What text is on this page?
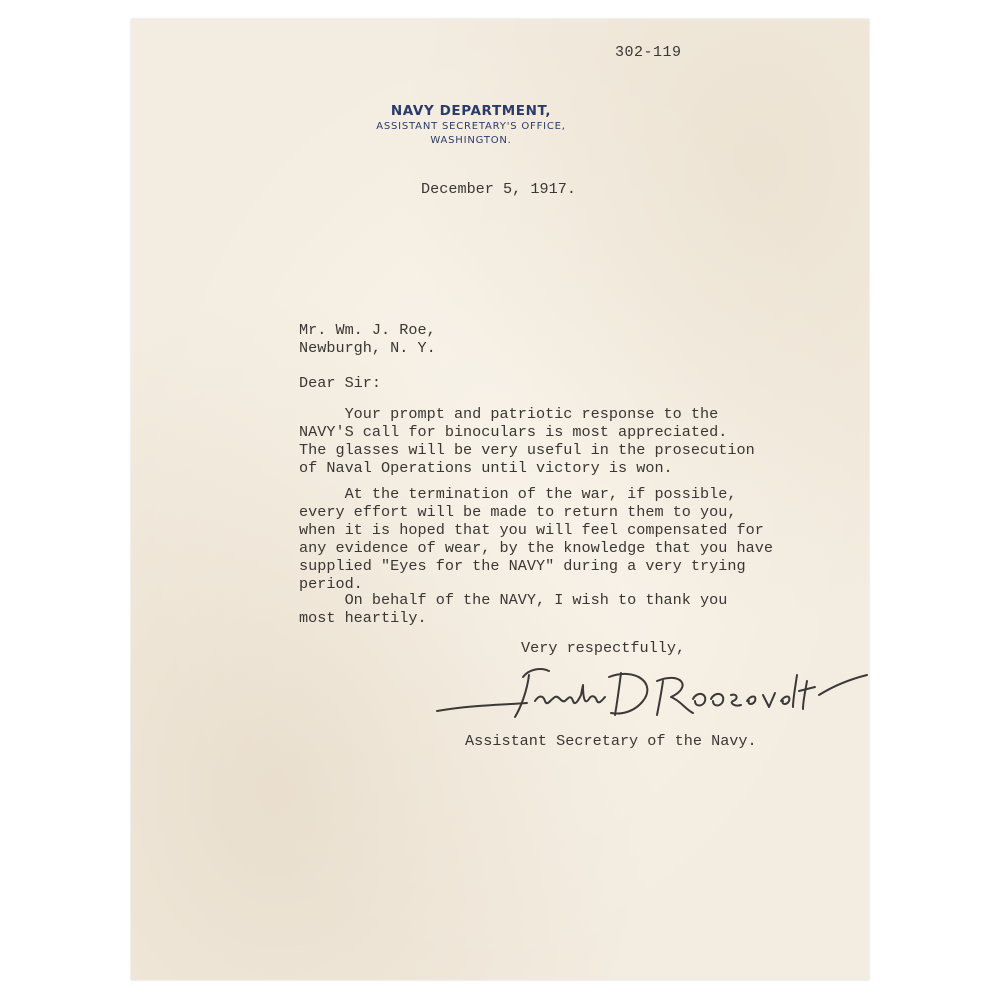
302-119
NAVY DEPARTMENT,
ASSISTANT SECRETARY'S OFFICE,
WASHINGTON.
December 5, 1917.
Mr. Wm. J. Roe,
Newburgh, N. Y.
Dear Sir:
Your prompt and patriotic response to the
NAVY'S call for binoculars is most appreciated.
The glasses will be very useful in the prosecution
of Naval Operations until victory is won.
At the termination of the war, if possible,
every effort will be made to return them to you,
when it is hoped that you will feel compensated for
any evidence of wear, by the knowledge that you have
supplied "Eyes for the NAVY" during a very trying
period.
On behalf of the NAVY, I wish to thank you
most heartily.
Very respectfully,
Assistant Secretary of the Navy.
